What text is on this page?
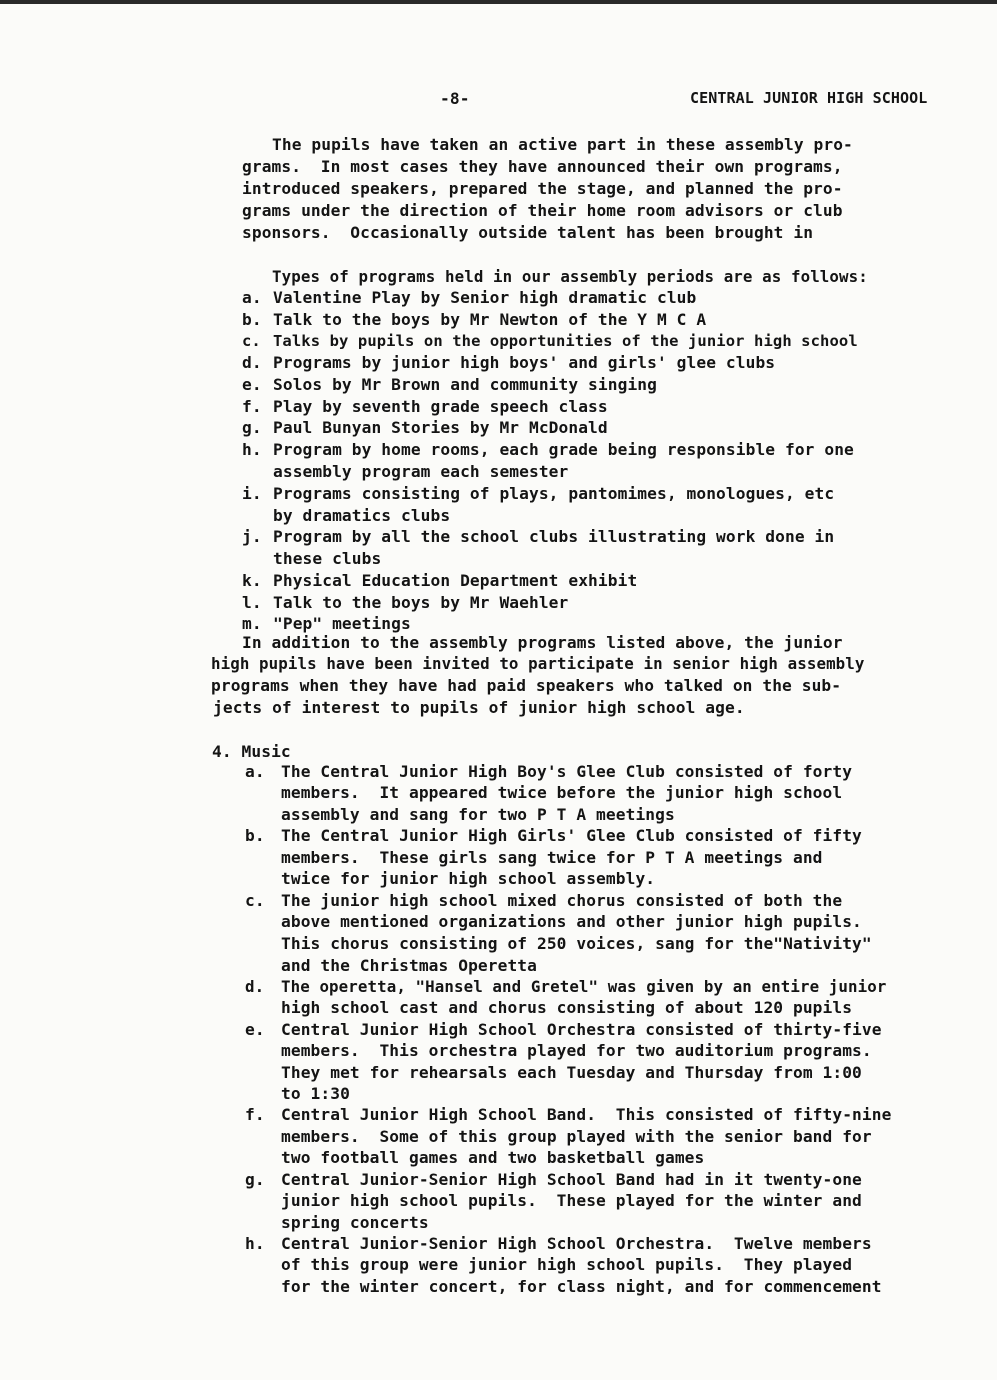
-8-	CENTRAL JUNIOR HIGH SCHOOL
The pupils have taken an active part in these assembly pro-
grams.  In most cases they have announced their own programs,
introduced speakers, prepared the stage, and planned the pro-
grams under the direction of their home room advisors or club
sponsors.  Occasionally outside talent has been brought in
Types of programs held in our assembly periods are as follows:
a. Valentine Play by Senior high dramatic club
b. Talk to the boys by Mr Newton of the Y M C A
c. Talks by pupils on the opportunities of the junior high school
d. Programs by junior high boys' and girls' glee clubs
e. Solos by Mr Brown and community singing
f. Play by seventh grade speech class
g. Paul Bunyan Stories by Mr McDonald
h. Program by home rooms, each grade being responsible for one
assembly program each semester
i. Programs consisting of plays, pantomimes, monologues, etc
by dramatics clubs
j. Program by all the school clubs illustrating work done in
these clubs
k. Physical Education Department exhibit
l. Talk to the boys by Mr Waehler
m. "Pep" meetings
In addition to the assembly programs listed above, the junior
high pupils have been invited to participate in senior high assembly
programs when they have had paid speakers who talked on the sub-
jects of interest to pupils of junior high school age.
4. Music
a. The Central Junior High Boy's Glee Club consisted of forty
members.  It appeared twice before the junior high school
assembly and sang for two P T A meetings
b. The Central Junior High Girls' Glee Club consisted of fifty
members.  These girls sang twice for P T A meetings and
twice for junior high school assembly.
c. The junior high school mixed chorus consisted of both the
above mentioned organizations and other junior high pupils.
This chorus consisting of 250 voices, sang for the"Nativity"
and the Christmas Operetta
d. The operetta, "Hansel and Gretel" was given by an entire junior
high school cast and chorus consisting of about 120 pupils
e. Central Junior High School Orchestra consisted of thirty-five
members.  This orchestra played for two auditorium programs.
They met for rehearsals each Tuesday and Thursday from 1:00
to 1:30
f. Central Junior High School Band.  This consisted of fifty-nine
members.  Some of this group played with the senior band for
two football games and two basketball games
g. Central Junior-Senior High School Band had in it twenty-one
junior high school pupils.  These played for the winter and
spring concerts
h. Central Junior-Senior High School Orchestra.  Twelve members
of this group were junior high school pupils.  They played
for the winter concert, for class night, and for commencement
